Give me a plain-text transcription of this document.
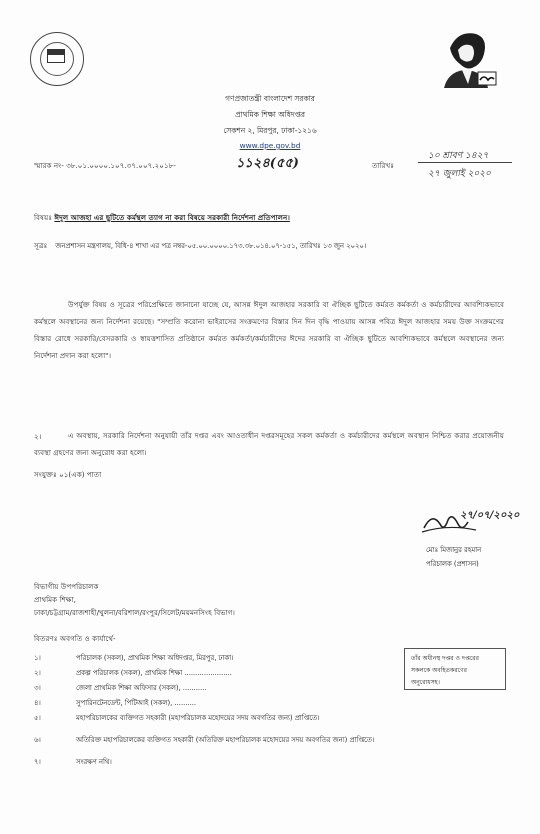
গণপ্রজাতন্ত্রী বাংলাদেশ সরকার
প্রাথমিক শিক্ষা অধিদপ্তর
সেকশন ২, মিরপুর, ঢাকা-১২১৬
www.dpe.gov.bd
স্মারক নং- ৩৮.০১.০০০০.১০৭.৩৭.০০৭.২০১৮-	১১২৪(৫৫)	তারিখঃ
১০ শ্রাবণ ১৪২৭
২৭ জুলাই ২০২০
বিষয়ঃ ঈদুল আজহা এর ছুটিতে কর্মস্থল ত্যাগ না করা বিষয়ে সরকারী নির্দেশনা প্রতিপালন।
সূত্রঃ জনপ্রশাসন মন্ত্রণালয়, বিধি-৪ শাখা এর পত্র নম্বর-০৫.০০.০০০০.১৭৩.৩৮.০১৪.০৭-১৫১, তারিখঃ ১৩ জুন ২০২০।
উপর্যুক্ত বিষয় ও সূত্রের পরিপ্রেক্ষিতে জানানো যাচ্ছে যে, আসন্ন ঈদুল আজহার সরকারি বা ঐচ্ছিক ছুটিতে কর্মরত কর্মকর্তা ও কর্মচারীদের আবশ্যিকভাবে কর্মস্থলে অবস্থানের জন্য নির্দেশনা রয়েছে। "সম্প্রতি করোনা ভাইরাসের সংক্রমণের বিস্তার দিন দিন বৃদ্ধি পাওয়ায় আসন্ন পবিত্র ঈদুল আজহার সময় উক্ত সংক্রমণের বিস্তার রোধে সরকারি/বেসরকারি ও স্বায়ত্তশাসিত প্রতিষ্ঠানে কর্মরত কর্মকর্তা/কর্মচারীদের ঈদের সরকারি বা ঐচ্ছিক ছুটিতে আবশ্যিকভাবে কর্মস্থলে অবস্থানের জন্য নির্দেশনা প্রদান করা হলো"।
২।	এ অবস্থায়, সরকারি নির্দেশনা অনুযায়ী তাঁর দপ্তর এবং আওতাধীন দপ্তরসমূহের সকল কর্মকর্তা ও কর্মচারীদের কর্মস্থলে অবস্থান নিশ্চিত করার প্রয়োজনীয় ব্যবস্থা গ্রহণের জন্য অনুরোধ করা হলো।
সংযুক্তঃ ০১(এক) পাতা
২৭/০৭/২০২০
মোঃ মিজানুর রহমান
পরিচালক (প্রশাসন)
বিভাগীয় উপপরিচালক
প্রাথমিক শিক্ষা,
ঢাকা/চট্টগ্রাম/রাজশাহী/খুলনা/বরিশাল/রংপুর/সিলেট/ময়মনসিংহ বিভাগ।
বিতরণঃ অবগতি ও কার্যার্থে-
১।	পরিচালক (সকল), প্রাথমিক শিক্ষা অধিদপ্তর, মিরপুর, ঢাকা।
২।	প্রকল্প পরিচালক (সকল), প্রাথমিক শিক্ষা ......................
৩।	জেলা প্রাথমিক শিক্ষা অফিসার (সকল), ...........
৪।	সুপারিনটেনডেন্ট, পিটিআই (সকল), ..........
৫।	মহাপরিচালকের ব্যক্তিগত সহকারী (মহাপরিচালক মহোদয়ের সদয় অবগতির জন্য) প্রাপ্তিতে।
৬।	অতিরিক্ত মহাপরিচালকের ব্যক্তিগত সহকারী (অতিরিক্ত মহাপরিচালক মহোদয়ের সদয় অবগতির জন্য) প্রাপ্তিতে।
৭।	সংরক্ষণ নথি।
তাঁর অধীনস্থ দপ্তর ও দপ্তরের
সকলকে অবহিতকরণের
অনুরোধসহ।
